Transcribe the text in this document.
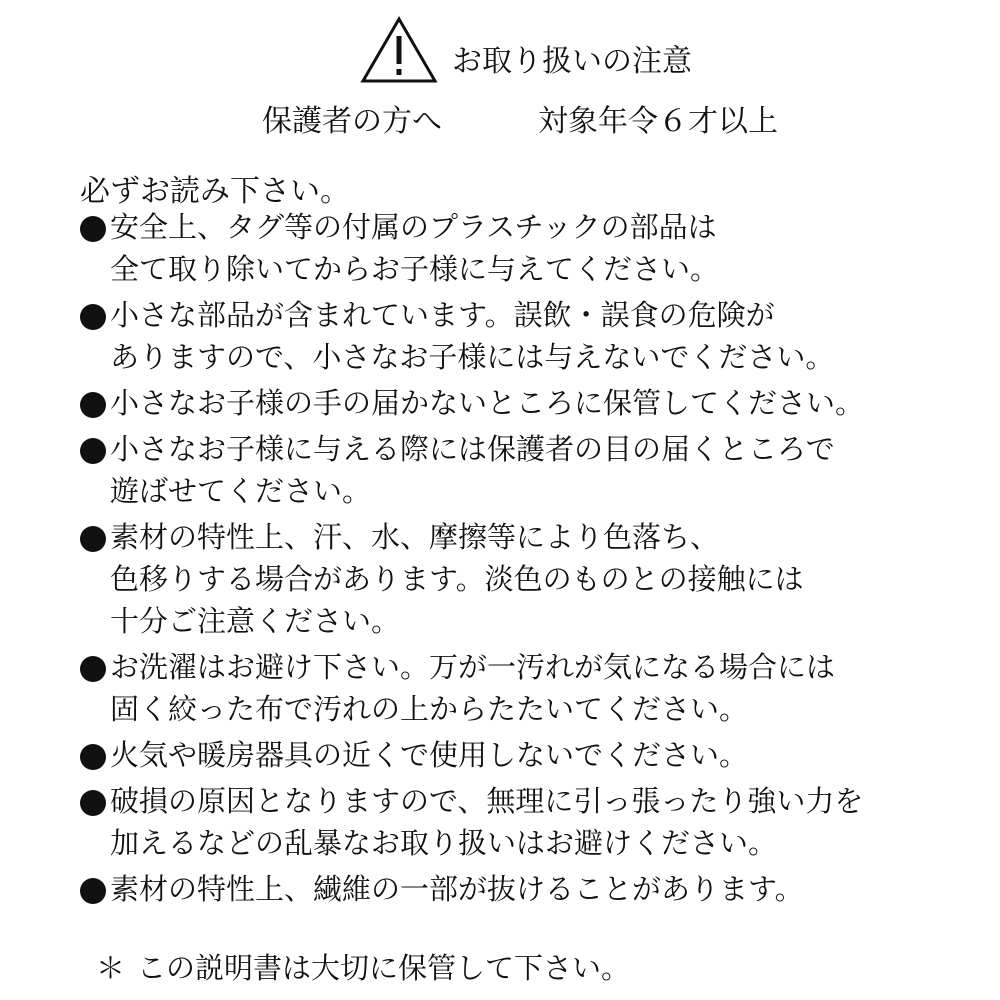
お取り扱いの注意
保護者の方へ	対象年令６才以上
必ずお読み下さい。
安全上、タグ等の付属のプラスチックの部品は
全て取り除いてからお子様に与えてください。
小さな部品が含まれています。誤飲・誤食の危険が
ありますので、小さなお子様には与えないでください。
小さなお子様の手の届かないところに保管してください。
小さなお子様に与える際には保護者の目の届くところで
遊ばせてください。
素材の特性上、汗、水、摩擦等により色落ち、
色移りする場合があります。淡色のものとの接触には
十分ご注意ください。
お洗濯はお避け下さい。万が一汚れが気になる場合には
固く絞った布で汚れの上からたたいてください。
火気や暖房器具の近くで使用しないでください。
破損の原因となりますので、無理に引っ張ったり強い力を
加えるなどの乱暴なお取り扱いはお避けください。
素材の特性上、繊維の一部が抜けることがあります。
＊ この説明書は大切に保管して下さい。
